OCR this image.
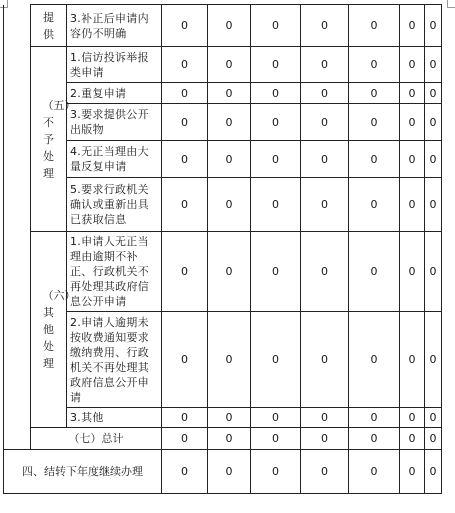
	提供	3.补正后申请内容仍不明确	0	0	0	0	0	0	0
	（五）不予处理	1.信访投诉举报类申请	0	0	0	0	0	0	0
		2.重复申请	0	0	0	0	0	0	0
		3.要求提供公开出版物	0	0	0	0	0	0	0
		4.无正当理由大量反复申请	0	0	0	0	0	0	0
		5.要求行政机关确认或重新出具已获取信息	0	0	0	0	0	0	0
	（六）其他处理	1.申请人无正当理由逾期不补正、行政机关不再处理其政府信息公开申请	0	0	0	0	0	0	0
		2.申请人逾期未按收费通知要求缴纳费用、行政机关不再处理其政府信息公开申请	0	0	0	0	0	0	0
		3.其他	0	0	0	0	0	0	0
	（七）总计		0	0	0	0	0	0	0
四、结转下年度继续办理			0	0	0	0	0	0	0
